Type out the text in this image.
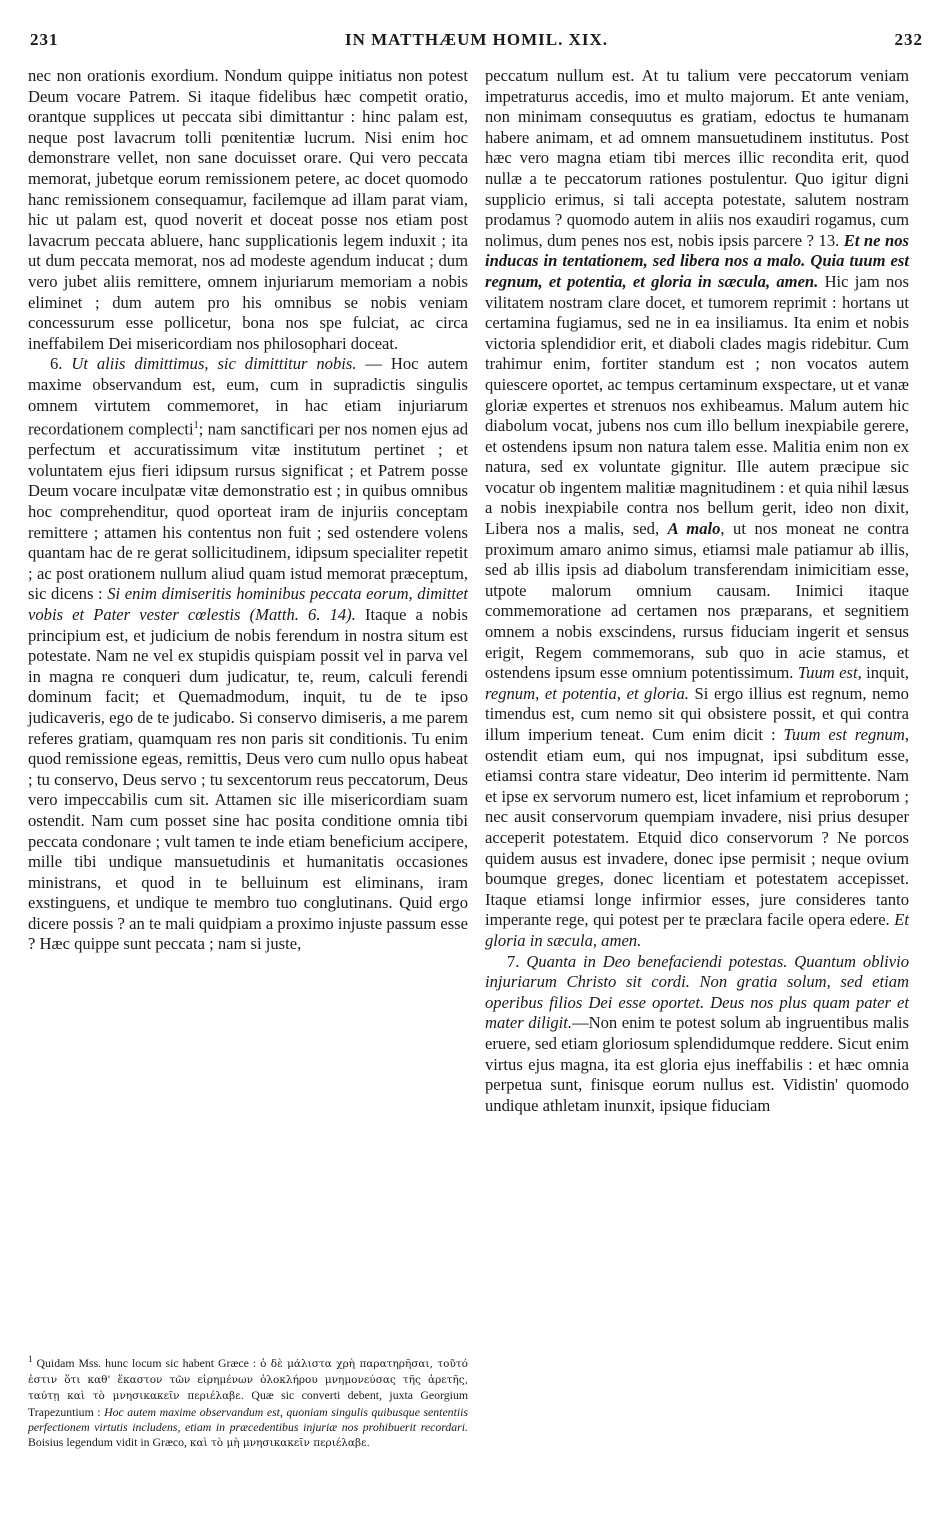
231	IN MATTHÆUM HOMIL. XIX.	232

nec non orationis exordium. Nondum quippe initiatus non potest Deum vocare Patrem. Si itaque fidelibus hæc competit oratio, orantque supplices ut peccata sibi dimittantur : hinc palam est, neque post lavacrum tolli pœnitentiæ lucrum. Nisi enim hoc demonstrare vellet, non sane docuisset orare. Qui vero peccata memorat, jubetque eorum remissionem petere, ac docet quomodo hanc remissionem consequamur, facilemque ad illam parat viam, hic ut palam est, quod noverit et doceat posse nos etiam post lavacrum peccata abluere, hanc supplicationis legem induxit ; ita ut dum peccata memorat, nos ad modeste agendum inducat ; dum vero jubet aliis remittere, omnem injuriarum memoriam a nobis eliminet ; dum autem pro his omnibus se nobis veniam concessurum esse pollicetur, bona nos spe fulciat, ac circa ineffabilem Dei misericordiam nos philosophari doceat.

6. Ut aliis dimittimus, sic dimittitur nobis. — Hoc autem maxime observandum est, eum, cum in supradictis singulis omnem virtutem commemoret, in hac etiam injuriarum recordationem complecti$^1$; nam sanctificari per nos nomen ejus ad perfectum et accuratissimum vitæ institutum pertinet ; et voluntatem ejus fieri idipsum rursus significat ; et Patrem posse Deum vocare inculpatæ vitæ demonstratio est ; in quibus omnibus hoc comprehenditur, quod oporteat iram de injuriis conceptam remittere ; attamen his contentus non fuit ; sed ostendere volens quantam hac de re gerat sollicitudinem, idipsum specialiter repetit ; ac post orationem nullum aliud quam istud memorat præceptum, sic dicens : Si enim dimiseritis hominibus peccata eorum, dimittet vobis et Pater vester cœlestis (Matth. 6. 14). Itaque a nobis principium est, et judicium de nobis ferendum in nostra situm est potestate. Nam ne vel ex stupidis quispiam possit vel in parva vel in magna re conqueri dum judicatur, te, reum, calculi ferendi dominum facit; et Quemadmodum, inquit, tu de te ipso judicaveris, ego de te judicabo. Si conservo dimiseris, a me parem referes gratiam, quamquam res non paris sit conditionis. Tu enim quod remissione egeas, remittis, Deus vero cum nullo opus habeat ; tu conservo, Deus servo ; tu sexcentorum reus peccatorum, Deus vero impeccabilis cum sit. Attamen sic ille misericordiam suam ostendit. Nam cum posset sine hac posita conditione omnia tibi peccata condonare ; vult tamen te inde etiam beneficium accipere, mille tibi undique mansuetudinis et humanitatis occasiones ministrans, et quod in te belluinum est eliminans, iram exstinguens, et undique te membro tuo conglutinans. Quid ergo dicere possis ? an te mali quidpiam a proximo injuste passum esse ? Hæc quippe sunt peccata ; nam si juste,

peccatum nullum est. At tu talium vere peccatorum veniam impetraturus accedis, imo et multo majorum. Et ante veniam, non minimam consequutus es gratiam, edoctus te humanam habere animam, et ad omnem mansuetudinem institutus. Post hæc vero magna etiam tibi merces illic recondita erit, quod nullæ a te peccatorum rationes postulentur. Quo igitur digni supplicio erimus, si tali accepta potestate, salutem nostram prodamus ? quomodo autem in aliis nos exaudiri rogamus, cum nolimus, dum penes nos est, nobis ipsis parcere ? 13. Et ne nos inducas in tentationem, sed libera nos a malo. Quia tuum est regnum, et potentia, et gloria in sæcula, amen. Hic jam nos vilitatem nostram clare docet, et tumorem reprimit : hortans ut certamina fugiamus, sed ne in ea insiliamus. Ita enim et nobis victoria splendidior erit, et diaboli clades magis ridebitur. Cum trahimur enim, fortiter standum est ; non vocatos autem quiescere oportet, ac tempus certaminum exspectare, ut et vanæ gloriæ expertes et strenuos nos exhibeamus. Malum autem hic diabolum vocat, jubens nos cum illo bellum inexpiabile gerere, et ostendens ipsum non natura talem esse. Malitia enim non ex natura, sed ex voluntate gignitur. Ille autem præcipue sic vocatur ob ingentem malitiæ magnitudinem : et quia nihil læsus a nobis inexpiabile contra nos bellum gerit, ideo non dixit, Libera nos a malis, sed, A malo, ut nos moneat ne contra proximum amaro animo simus, etiamsi male patiamur ab illis, sed ab illis ipsis ad diabolum transferendam inimicitiam esse, utpote malorum omnium causam. Inimici itaque commemoratione ad certamen nos præparans, et segnitiem omnem a nobis exscindens, rursus fiduciam ingerit et sensus erigit, Regem commemorans, sub quo in acie stamus, et ostendens ipsum esse omnium potentissimum. Tuum est, inquit, regnum, et potentia, et gloria. Si ergo illius est regnum, nemo timendus est, cum nemo sit qui obsistere possit, et qui contra illum imperium teneat. Cum enim dicit : Tuum est regnum, ostendit etiam eum, qui nos impugnat, ipsi subditum esse, etiamsi contra stare videatur, Deo interim id permittente. Nam et ipse ex servorum numero est, licet infamium et reproborum ; nec ausit conservorum quempiam invadere, nisi prius desuper acceperit potestatem. Etquid dico conservorum ? Ne porcos quidem ausus est invadere, donec ipse permisit ; neque ovium boumque greges, donec licentiam et potestatem accepisset. Itaque etiamsi longe infirmior esses, jure consideres tanto imperante rege, qui potest per te præclara facile opera edere. Et gloria in sæcula, amen.

7. Quanta in Deo benefaciendi potestas. Quantum oblivio injuriarum Christo sit cordi. Non gratia solum, sed etiam operibus filios Dei esse oportet. Deus nos plus quam pater et mater diligit.—Non enim te potest solum ab ingruentibus malis eruere, sed etiam gloriosum splendidumque reddere. Sicut enim virtus ejus magna, ita est gloria ejus ineffabilis : et hæc omnia perpetua sunt, finisque eorum nullus est. Vidistin' quomodo undique athletam inunxit, ipsique fiduciam

$^1$ Quidam Mss. hunc locum sic habent Græce : ὁ δὲ μάλιστα χρὴ παρατηρῆσαι, τοῦτό ἐστιν ὅτι καθ' ἕκαστον τῶν εἰρημένων ὁλοκλήρου μνημονεύσας τῆς ἀρετῆς, ταύτῃ καὶ τὸ μνησικακεῖν περιέλαβε. Quæ sic converti debent, juxta Georgium Trapezuntium : Hoc autem maxime observandum est, quoniam singulis quibusque sententiis perfectionem virtutis includens, etiam in præcedentibus injuriæ nos prohibuerit recordari. Boisius legendum vidit in Græco, καὶ τὸ μὴ μνησικακεῖν περιέλαβε.
